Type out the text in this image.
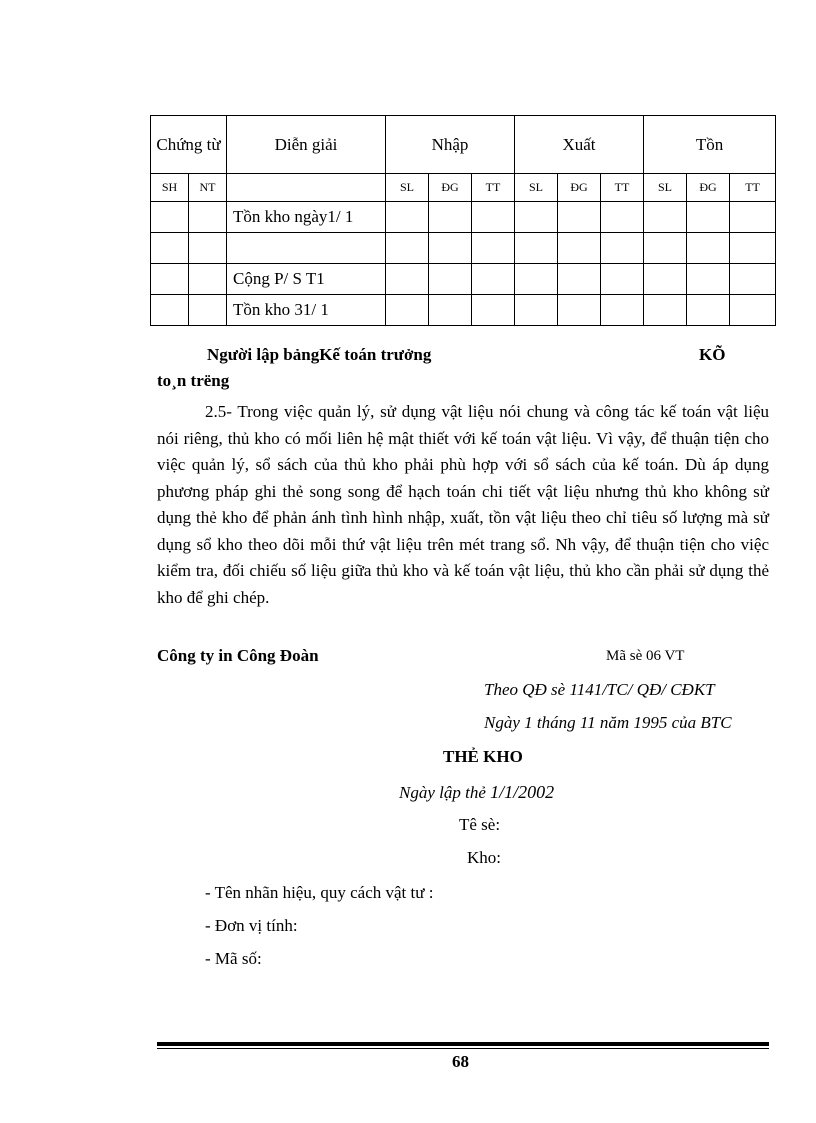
Chứng từ		Diễn giải	Nhập			Xuất			Tồn		
SH	NT		SL	ĐG	TT	SL	ĐG	TT	SL	ĐG	TT
		Tồn kho ngày1/ 1									

		Cộng P/ S T1									
		Tồn kho 31/ 1									
Người lập bảngKế toán trưởng	KÕ
to¸n trëng
2.5- Trong việc quản lý, sử dụng vật liệu nói chung và công tác kế toán vật liệu nói riêng, thủ kho có mối liên hệ mật thiết với kế toán vật liệu. Vì vậy, để thuận tiện cho việc quản lý, sổ sách của thủ kho phải phù hợp với sổ sách của kế toán. Dù áp dụng phương pháp ghi thẻ song song để hạch toán chi tiết vật liệu nhưng thủ kho không sử dụng thẻ kho để phản ánh tình hình nhập, xuất, tồn vật liệu theo chỉ tiêu số lượng mà sử dụng sổ kho theo dõi mỗi thứ vật liệu trên mét trang sổ. Nh vậy, để thuận tiện cho việc kiểm tra, đối chiếu số liệu giữa thủ kho và kế toán vật liệu, thủ kho cần phải sử dụng thẻ kho để ghi chép.
Công ty in Công Đoàn	Mã sè 06 VT
Theo QĐ sè 1141/TC/ QĐ/ CĐKT
Ngày 1 tháng 11 năm 1995 của BTC
THẺ KHO
Ngày lập thẻ 1/1/2002
Tê sè:
Kho:
- Tên nhãn hiệu, quy cách vật tư :
- Đơn vị tính:
- Mã số:
68
